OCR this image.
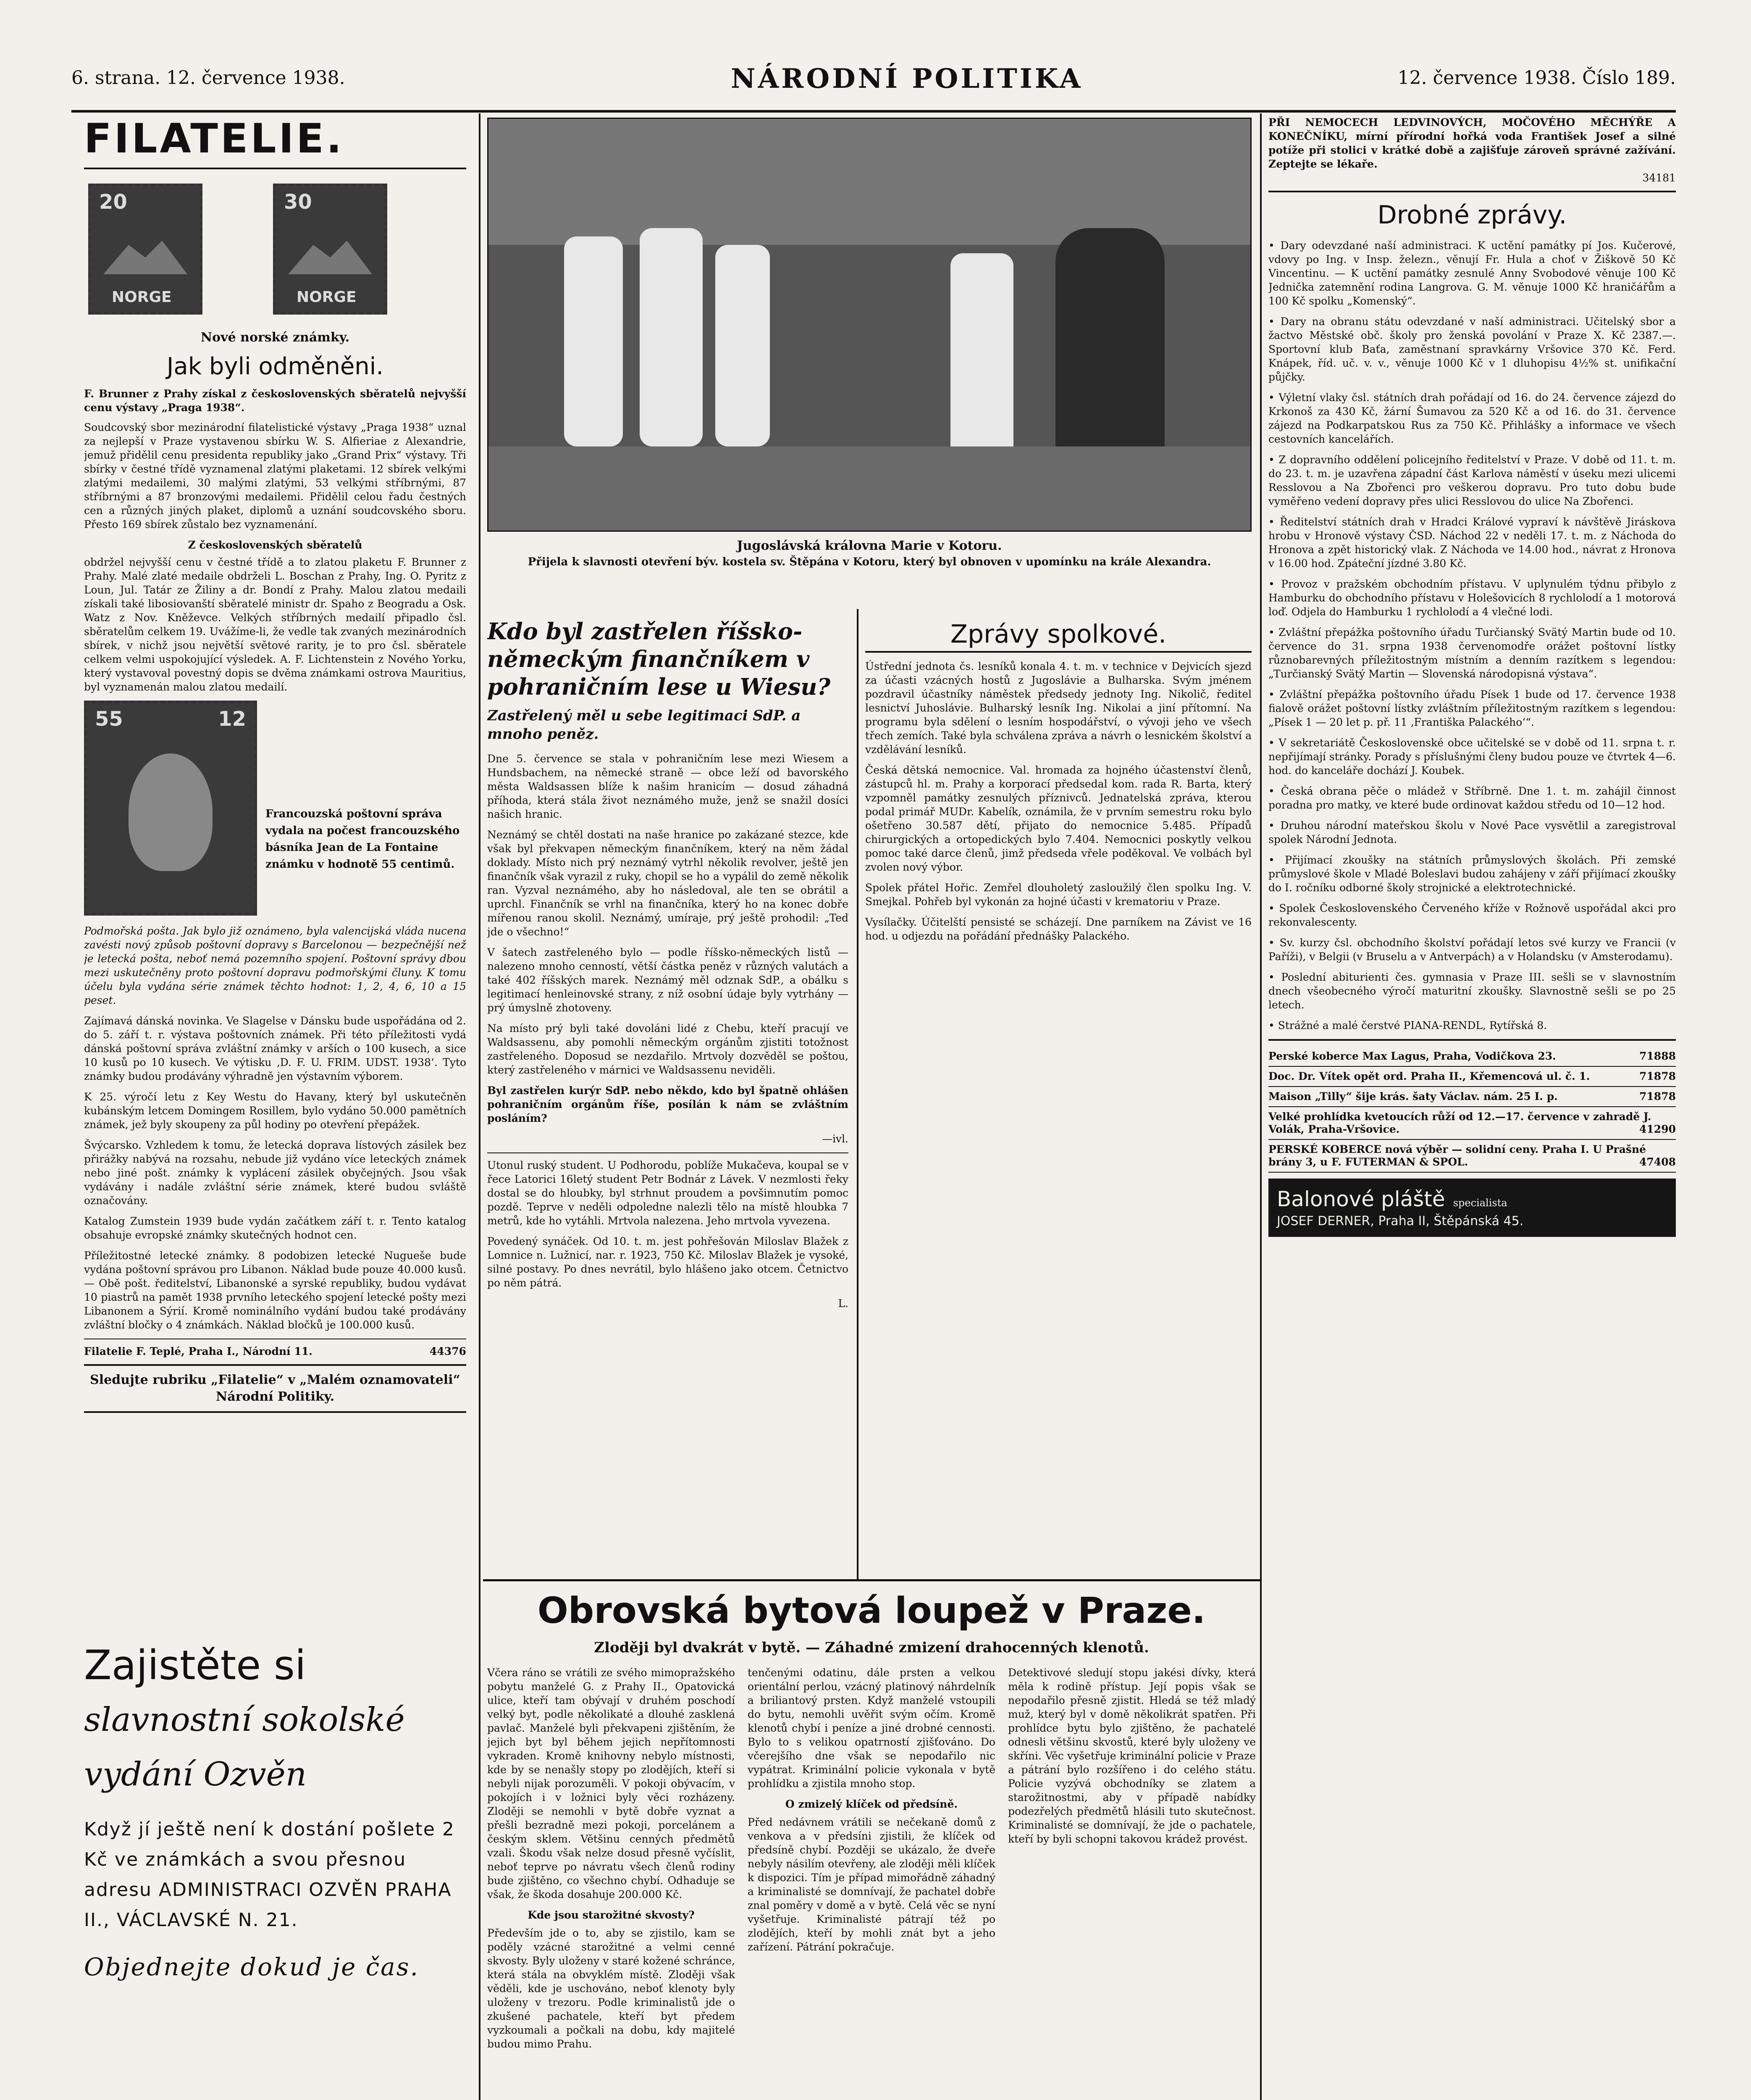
6. strana. 12. července 1938.	NÁRODNÍ POLITIKA	12. července 1938. Číslo 189.
FILATELIE.
20
NORGE
30
NORGE
Nové norské známky.
Jak byli odměněni.

F. Brunner z Prahy získal z československých sběratelů nejvyšší cenu výstavy „Praga 1938“.

Soudcovský sbor mezinárodní filatelistické výstavy „Praga 1938“ uznal za nejlepší v Praze vystavenou sbírku W. S. Alfieriae z Alexandrie, jemuž přidělil cenu presidenta republiky jako „Grand Prix“ výstavy. Tři sbírky v čestné třídě vyznamenal zlatými plaketami. 12 sbírek velkými zlatými medailemi, 30 malými zlatými, 53 velkými stříbrnými, 87 stříbrnými a 87 bronzovými medailemi. Přidělil celou řadu čestných cen a různých jiných plaket, diplomů a uznání soudcovského sboru. Přesto 169 sbírek zůstalo bez vyznamenání.

Z československých sběratelů

obdržel nejvyšší cenu v čestné třídě a to zlatou plaketu F. Brunner z Prahy. Malé zlaté medaile obdrželi L. Boschan z Prahy, Ing. O. Pyritz z Loun, Jul. Tatár ze Žiliny a dr. Bondí z Prahy. Malou zlatou medaili získali také libosiovanští sběratelé ministr dr. Spaho z Beogradu a Osk. Watz z Nov. Kněževce. Velkých stříbrných medailí připadlo čsl. sběratelům celkem 19. Uvážíme-li, že vedle tak zvaných mezinárodních sbírek, v nichž jsou největší světové rarity, je to pro čsl. sběratele celkem velmi uspokojující výsledek. A. F. Lichtenstein z Nového Yorku, který vystavoval povestný dopis se dvěma známkami ostrova Mauritius, byl vyznamenán malou zlatou medailí.

55	12
Francouzská poštovní správa vydala na počest francouzského básníka Jean de La Fontaine známku v hodnotě 55 centimů.

Podmořská pošta. Jak bylo již oznámeno, byla valencijská vláda nucena zavésti nový způsob poštovní dopravy s Barcelonou — bezpečnější než je letecká pošta, neboť nemá pozemního spojení. Poštovní správy dbou mezi uskutečněny proto poštovní dopravu podmořskými čluny. K tomu účelu byla vydána série známek těchto hodnot: 1, 2, 4, 6, 10 a 15 peset.

Zajímavá dánská novinka. Ve Slagelse v Dánsku bude uspořádána od 2. do 5. září t. r. výstava poštovních známek. Při této příležitosti vydá dánská poštovní správa zvláštní známky v arších o 100 kusech, a sice 10 kusů po 10 kusech. Ve výtisku ‚D. F. U. FRIM. UDST. 1938‘. Tyto známky budou prodávány výhradně jen výstavním výborem.

K 25. výročí letu z Key Westu do Havany, který byl uskutečněn kubánským letcem Domingem Rosillem, bylo vydáno 50.000 pamětních známek, jež byly skoupeny za půl hodiny po otevření přepážek.

Švýcarsko. Vzhledem k tomu, že letecká doprava lístových zásilek bez přirážky nabývá na rozsahu, nebude již vydáno více leteckých známek nebo jiné pošt. známky k vyplácení zásilek obyčejných. Jsou však vydávány i nadále zvláštní série známek, které budou svláště označovány.

Katalog Zumstein 1939 bude vydán začátkem září t. r. Tento katalog obsahuje evropské známky skutečných hodnot cen.

Příležitostné letecké známky. 8 podobizen letecké Nugueše bude vydána poštovní správou pro Libanon. Náklad bude pouze 40.000 kusů. — Obě pošt. ředitelství, Libanonské a syrské republiky, budou vydávat 10 piastrů na pamět 1938 prvního leteckého spojení letecké pošty mezi Libanonem a Sýrií. Kromě nominálního vydání budou také prodávány zvláštní bločky o 4 známkách. Náklad bločků je 100.000 kusů.

Filatelie F. Teplé, Praha I., Národní 11.	44376
Sledujte rubriku „Filatelie“ v „Malém oznamovateli“ Národní Politiky.
Zajistěte si
slavnostní sokolské
vydání Ozvěn
Když jí ještě není k dostání pošlete 2 Kč ve známkách a svou přesnou adresu ADMINISTRACI OZVĚN PRAHA II., VÁCLAVSKÉ N. 21.
Objednejte dokud je čas.
Jugoslávská královna Marie v Kotoru.
Přijela k slavnosti otevření býv. kostela sv. Štěpána v Kotoru, který byl obnoven v upomínku na krále Alexandra.
Kdo byl zastřelen říšsko-německým finančníkem v pohraničním lese u Wiesu?
Zastřelený měl u sebe legitimaci SdP. a mnoho peněz.

Dne 5. července se stala v pohraničním lese mezi Wiesem a Hundsbachem, na německé straně — obce leží od bavorského města Waldsassen blíže k našim hranicím — dosud záhadná příhoda, která stála život neznámého muže, jenž se snažil dosíci našich hranic.

Neznámý se chtěl dostati na naše hranice po zakázané stezce, kde však byl překvapen německým finančníkem, který na něm žádal doklady. Místo nich prý neznámý vytrhl několik revolver, ještě jen finančník však vyrazil z ruky, chopil se ho a vypálil do země několik ran. Vyzval neznámého, aby ho následoval, ale ten se obrátil a uprchl. Finančník se vrhl na finančníka, který ho na konec dobře mířenou ranou skolil. Neznámý, umíraje, prý ještě prohodil: „Teď jde o všechno!“

V šatech zastřeleného bylo — podle říšsko-německých listů — nalezeno mnoho cenností, větší částka peněz v různých valutách a také 402 říšských marek. Neznámý měl odznak SdP., a obálku s legitimací henleinovské strany, z níž osobní údaje byly vytrhány — prý úmyslně zhotoveny.

Na místo prý byli také dovoláni lidé z Chebu, kteří pracují ve Waldsassenu, aby pomohli německým orgánům zjistiti totožnost zastřeleného. Doposud se nezdařilo. Mrtvoly dozvěděl se poštou, který zastřeleného v márnici ve Waldsassenu neviděli.

Byl zastřelen kurýr SdP. nebo někdo, kdo byl špatně ohlášen pohraničním orgánům říše, posílán k nám se zvláštním posláním?

—ivl.

Utonul ruský student. U Podhorodu, poblíže Mukačeva, koupal se v řece Latorici 16letý student Petr Bodnár z Lávek. V nezmlosti řeky dostal se do hloubky, byl strhnut proudem a povšimnutím pomoc pozdě. Teprve v neděli odpoledne nalezli tělo na místě hloubka 7 metrů, kde ho vytáhli. Mrtvola nalezena. Jeho mrtvola vyvezena.

Povedený synáček. Od 10. t. m. jest pohřešován Miloslav Blažek z Lomnice n. Lužnicí, nar. r. 1923, 750 Kč. Miloslav Blažek je vysoké, silné postavy. Po dnes nevrátil, bylo hlášeno jako otcem. Četnictvo po něm pátrá.

L.
Zprávy spolkové.

Ústřední jednota čs. lesníků konala 4. t. m. v technice v Dejvicích sjezd za účasti vzácných hostů z Jugoslávie a Bulharska. Svým jménem pozdravil účastníky náměstek předsedy jednoty Ing. Nikolič, ředitel lesnictví Juhoslávie. Bulharský lesník Ing. Nikolai a jiní přítomní. Na programu byla sdělení o lesním hospodářství, o vývoji jeho ve všech třech zemích. Také byla schválena zpráva a návrh o lesnickém školství a vzdělávání lesníků.

Česká dětská nemocnice. Val. hromada za hojného účastenství členů, zástupců hl. m. Prahy a korporací předsedal kom. rada R. Barta, který vzpomněl památky zesnulých příznivců. Jednatelská zpráva, kterou podal primář MUDr. Kabelík, oznámila, že v prvním semestru roku bylo ošetřeno 30.587 dětí, přijato do nemocnice 5.485. Případů chirurgických a ortopedických bylo 7.404. Nemocnici poskytly velkou pomoc také darce členů, jimž předseda vřele poděkoval. Ve volbách byl zvolen nový výbor.

Spolek přátel Hořic. Zemřel dlouholetý zasloužilý člen spolku Ing. V. Smejkal. Pohřeb byl vykonán za hojné účasti v krematoriu v Praze.

Vysílačky. Účitelští pensisté se scházejí. Dne parníkem na Závist ve 16 hod. u odjezdu na pořádání přednášky Palackého.

Obrovská bytová loupež v Praze.
Zloději byl dvakrát v bytě. — Záhadné zmizení drahocenných klenotů.

Včera ráno se vrátili ze svého mimopražského pobytu manželé G. z Prahy II., Opatovická ulice, kteří tam obývají v druhém poschodí velký byt, podle několikaté a dlouhé zasklená pavlač. Manželé byli překvapeni zjištěním, že jejich byt byl během jejich nepřítomnosti vykraden. Kromě knihovny nebylo místnosti, kde by se nenašly stopy po zlodějích, kteří si nebyli nijak porozuměli. V pokoji obývacím, v pokojích i v ložnici byly věci rozházeny. Zloději se nemohli v bytě dobře vyznat a přešli bezradně mezi pokoji, porcelánem a českým sklem. Většinu cenných předmětů vzali. Škodu však nelze dosud přesně vyčíslit, neboť teprve po návratu všech členů rodiny bude zjištěno, co všechno chybí. Odhaduje se však, že škoda dosahuje 200.000 Kč.

Kde jsou starožitné skvosty?

Především jde o to, aby se zjistilo, kam se poděly vzácné starožitné a velmi cenné skvosty. Byly uloženy v staré kožené schránce, která stála na obvyklém místě. Zloději však věděli, kde je uschováno, neboť klenoty byly uloženy v trezoru. Podle kriminalistů jde o zkušené pachatele, kteří byt předem vyzkoumali a počkali na dobu, kdy majitelé budou mimo Prahu.

tenčenými odatinu, dále prsten a velkou orientální perlou, vzácný platinový náhrdelník a briliantový prsten. Když manželé vstoupili do bytu, nemohli uvěřit svým očím. Kromě klenotů chybí i peníze a jiné drobné cennosti. Bylo to s velikou opatrností zjišťováno. Do včerejšího dne však se nepodařilo nic vypátrat. Kriminální policie vykonala v bytě prohlídku a zjistila mnoho stop.

O zmizelý klíček od předsíně.

Před nedávnem vrátili se nečekaně domů z venkova a v předsíni zjistili, že klíček od předsíně chybí. Později se ukázalo, že dveře nebyly násilím otevřeny, ale zloději měli klíček k dispozici. Tím je případ mimořádně záhadný a kriminalisté se domnívají, že pachatel dobře znal poměry v domě a v bytě. Celá věc se nyní vyšetřuje. Kriminalisté pátrají též po zlodějích, kteří by mohli znát byt a jeho zařízení. Pátrání pokračuje.

Detektivové sledují stopu jakési dívky, která měla k rodině přístup. Její popis však se nepodařilo přesně zjistit. Hledá se též mladý muž, který byl v domě několikrát spatřen. Při prohlídce bytu bylo zjištěno, že pachatelé odnesli většinu skvostů, které byly uloženy ve skříni. Věc vyšetřuje kriminální policie v Praze a pátrání bylo rozšířeno i do celého státu. Policie vyzývá obchodníky se zlatem a starožitnostmi, aby v případě nabídky podezřelých předmětů hlásili tuto skutečnost. Kriminalisté se domnívají, že jde o pachatele, kteří by byli schopni takovou krádež provést.

PŘI NEMOCECH LEDVINOVÝCH, MOČOVÉHO MĚCHÝŘE A KONEČNÍKU, mírní přírodní hořká voda František Josef a silné potíže při stolici v krátké době a zajišťuje zároveň správné zažívání. Zeptejte se lékaře.

34181
Drobné zprávy.

• Dary odevzdané naší administraci. K uctění památky pí Jos. Kučerové, vdovy po Ing. v Insp. železn., věnují Fr. Hula a choť v Žiškově 50 Kč Vincentinu. — K uctění památky zesnulé Anny Svobodové věnuje 100 Kč Jednička zatemnění rodina Langrova. G. M. věnuje 1000 Kč hraničářům a 100 Kč spolku „Komenský“.

• Dary na obranu státu odevzdané v naší administraci. Učitelský sbor a žactvo Městské obč. školy pro ženská povolání v Praze X. Kč 2387.—. Sportovní klub Baťa, zaměstnaní spravkárny Vršovice 370 Kč. Ferd. Knápek, říd. uč. v. v., věnuje 1000 Kč v 1 dluhopisu 4½% st. unifikační půjčky.

• Výletní vlaky čsl. státních drah pořádají od 16. do 24. července zájezd do Krkonoš za 430 Kč, žární Šumavou za 520 Kč a od 16. do 31. července zájezd na Podkarpatskou Rus za 750 Kč. Přihlášky a informace ve všech cestovních kancelářích.

• Z dopravního oddělení policejního ředitelství v Praze. V době od 11. t. m. do 23. t. m. je uzavřena západní část Karlova náměstí v úseku mezi ulicemi Resslovou a Na Zbořenci pro veškerou dopravu. Pro tuto dobu bude vyměřeno vedení dopravy přes ulici Resslovou do ulice Na Zbořenci.

• Ředitelství státních drah v Hradci Králové vypraví k návštěvě Jiráskova hrobu v Hronově výstavy ČSD. Náchod 22 v neděli 17. t. m. z Náchoda do Hronova a zpět historický vlak. Z Náchoda ve 14.00 hod., návrat z Hronova v 16.00 hod. Zpáteční jízdné 3.80 Kč.

• Provoz v pražském obchodním přístavu. V uplynulém týdnu přibylo z Hamburku do obchodního přístavu v Holešovicích 8 rychlolodí a 1 motorová loď. Odjela do Hamburku 1 rychlolodí a 4 vlečné lodi.

• Zvláštní přepážka poštovního úřadu Turčianský Svätý Martin bude od 10. července do 31. srpna 1938 červenomodře orážet poštovní lístky různobarevných příležitostným místním a denním razítkem s legendou: „Turčianský Svätý Martin — Slovenská národopisná výstava“.

• Zvláštní přepážka poštovního úřadu Písek 1 bude od 17. července 1938 fialově orážet poštovní lístky zvláštním příležitostným razítkem s legendou: „Písek 1 — 20 let p. př. 11 ‚Františka Palackého‘“.

• V sekretariátě Československé obce učitelské se v době od 11. srpna t. r. nepřijímají stránky. Porady s příslušnými členy budou pouze ve čtvrtek 4—6. hod. do kanceláře dochází J. Koubek.

• Česká obrana pěče o mládež v Stříbrně. Dne 1. t. m. zahájil činnost poradna pro matky, ve které bude ordinovat každou středu od 10—12 hod.

• Druhou národní mateřskou školu v Nové Pace vysvětlil a zaregistroval spolek Národní Jednota.

• Přijímací zkoušky na státních průmyslových školách. Při zemské průmyslové škole v Mladé Boleslavi budou zahájeny v září přijímací zkoušky do I. ročníku odborné školy strojnické a elektrotechnické.

• Spolek Československého Červeného kříže v Rožnově uspořádal akci pro rekonvalescenty.

• Sv. kurzy čsl. obchodního školství pořádají letos své kurzy ve Francii (v Paříži), v Belgii (v Bruselu a v Antverpách) a v Holandsku (v Amsterodamu).

• Poslední abiturienti čes. gymnasia v Praze III. sešli se v slavnostním dnech všeobecného výročí maturitní zkoušky. Slavnostně sešli se po 25 letech.

• Strážné a malé čerstvé PIANA-RENDL, Rytířská 8.

Perské koberce Max Lagus, Praha, Vodičkova 23.	71888
Doc. Dr. Vítek opět ord. Praha II., Křemencová ul. č. 1.	71878
Maison „Tilly“ šije krás. šaty Václav. nám. 25 I. p.	71878
Velké prohlídka kvetoucích růží od 12.—17. července v zahradě J. Volák, Praha-Vršovice.	41290
PERSKÉ KOBERCE nová výběr — solidní ceny. Praha I. U Prašné brány 3, u F. FUTERMAN & SPOL.	47408
Balonové pláště specialista
JOSEF DERNER, Praha II, Štěpánská 45.
